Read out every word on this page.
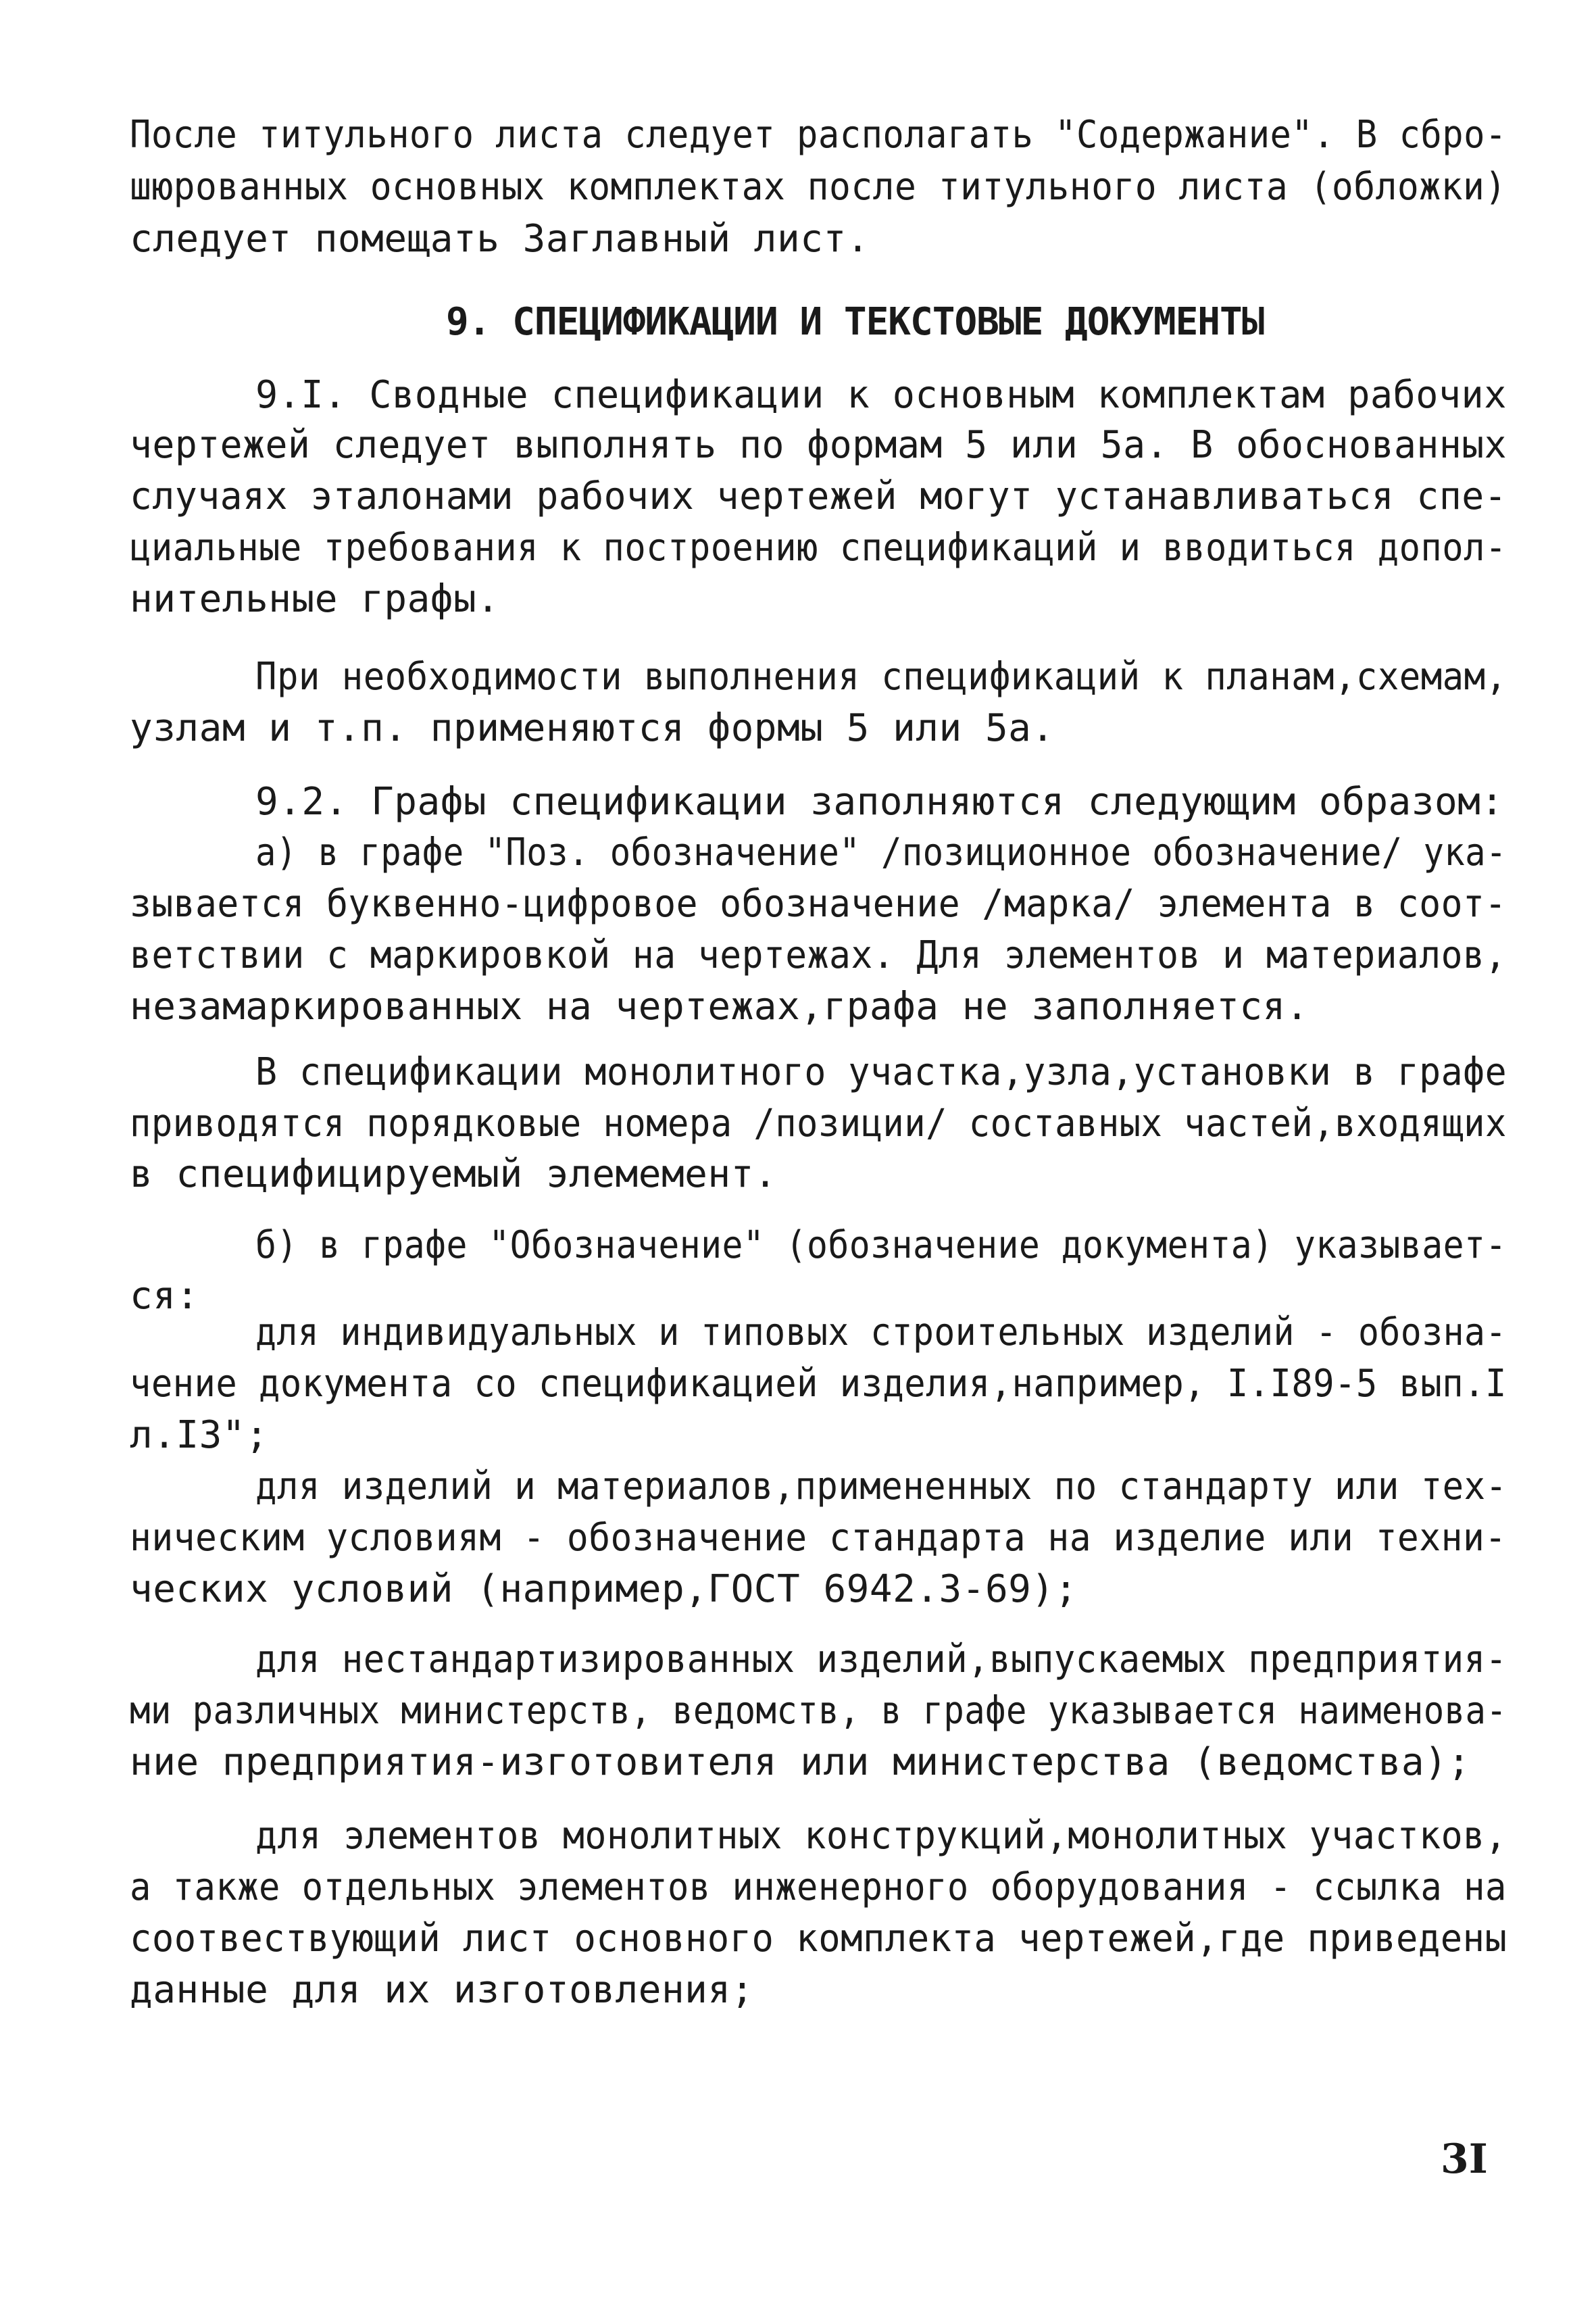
После титульного листа следует располагать "Содержание". В сбро-
шюрованных основных комплектах после титульного листа (обложки)
следует помещать Заглавный лист.
9. СПЕЦИФИКАЦИИ И ТЕКСТОВЫЕ ДОКУМЕНТЫ
9.I. Сводные спецификации к основным комплектам рабочих
чертежей следует выполнять по формам 5 или 5а. В обоснованных
случаях эталонами рабочих чертежей могут устанавливаться спе-
циальные требования к построению спецификаций и вводиться допол-
нительные графы.
При необходимости выполнения спецификаций к планам,схемам,
узлам и т.п. применяются формы 5 или 5а.
9.2. Графы спецификации заполняются следующим образом:
а) в графе "Поз. обозначение" /позиционное обозначение/ ука-
зывается буквенно-цифровое обозначение /марка/ элемента в соот-
ветствии с маркировкой на чертежах. Для элементов и материалов,
незамаркированных на чертежах,графа не заполняется.
В спецификации монолитного участка,узла,установки в графе
приводятся порядковые номера /позиции/ составных частей,входящих
в специфицируемый элемемент.
б) в графе "Обозначение" (обозначение документа) указывает-
ся:
для индивидуальных и типовых строительных изделий - обозна-
чение документа со спецификацией изделия,например, I.I89-5 вып.I
л.I3";
для изделий и материалов,примененных по стандарту или тех-
ническим условиям - обозначение стандарта на изделие или техни-
ческих условий (например,ГОСТ 6942.3-69);
для нестандартизированных изделий,выпускаемых предприятия-
ми различных министерств, ведомств, в графе указывается наименова-
ние предприятия-изготовителя или министерства (ведомства);
для элементов монолитных конструкций,монолитных участков,
а также отдельных элементов инженерного оборудования - ссылка на
соотвествующий лист основного комплекта чертежей,где приведены
данные для их изготовления;
3I
